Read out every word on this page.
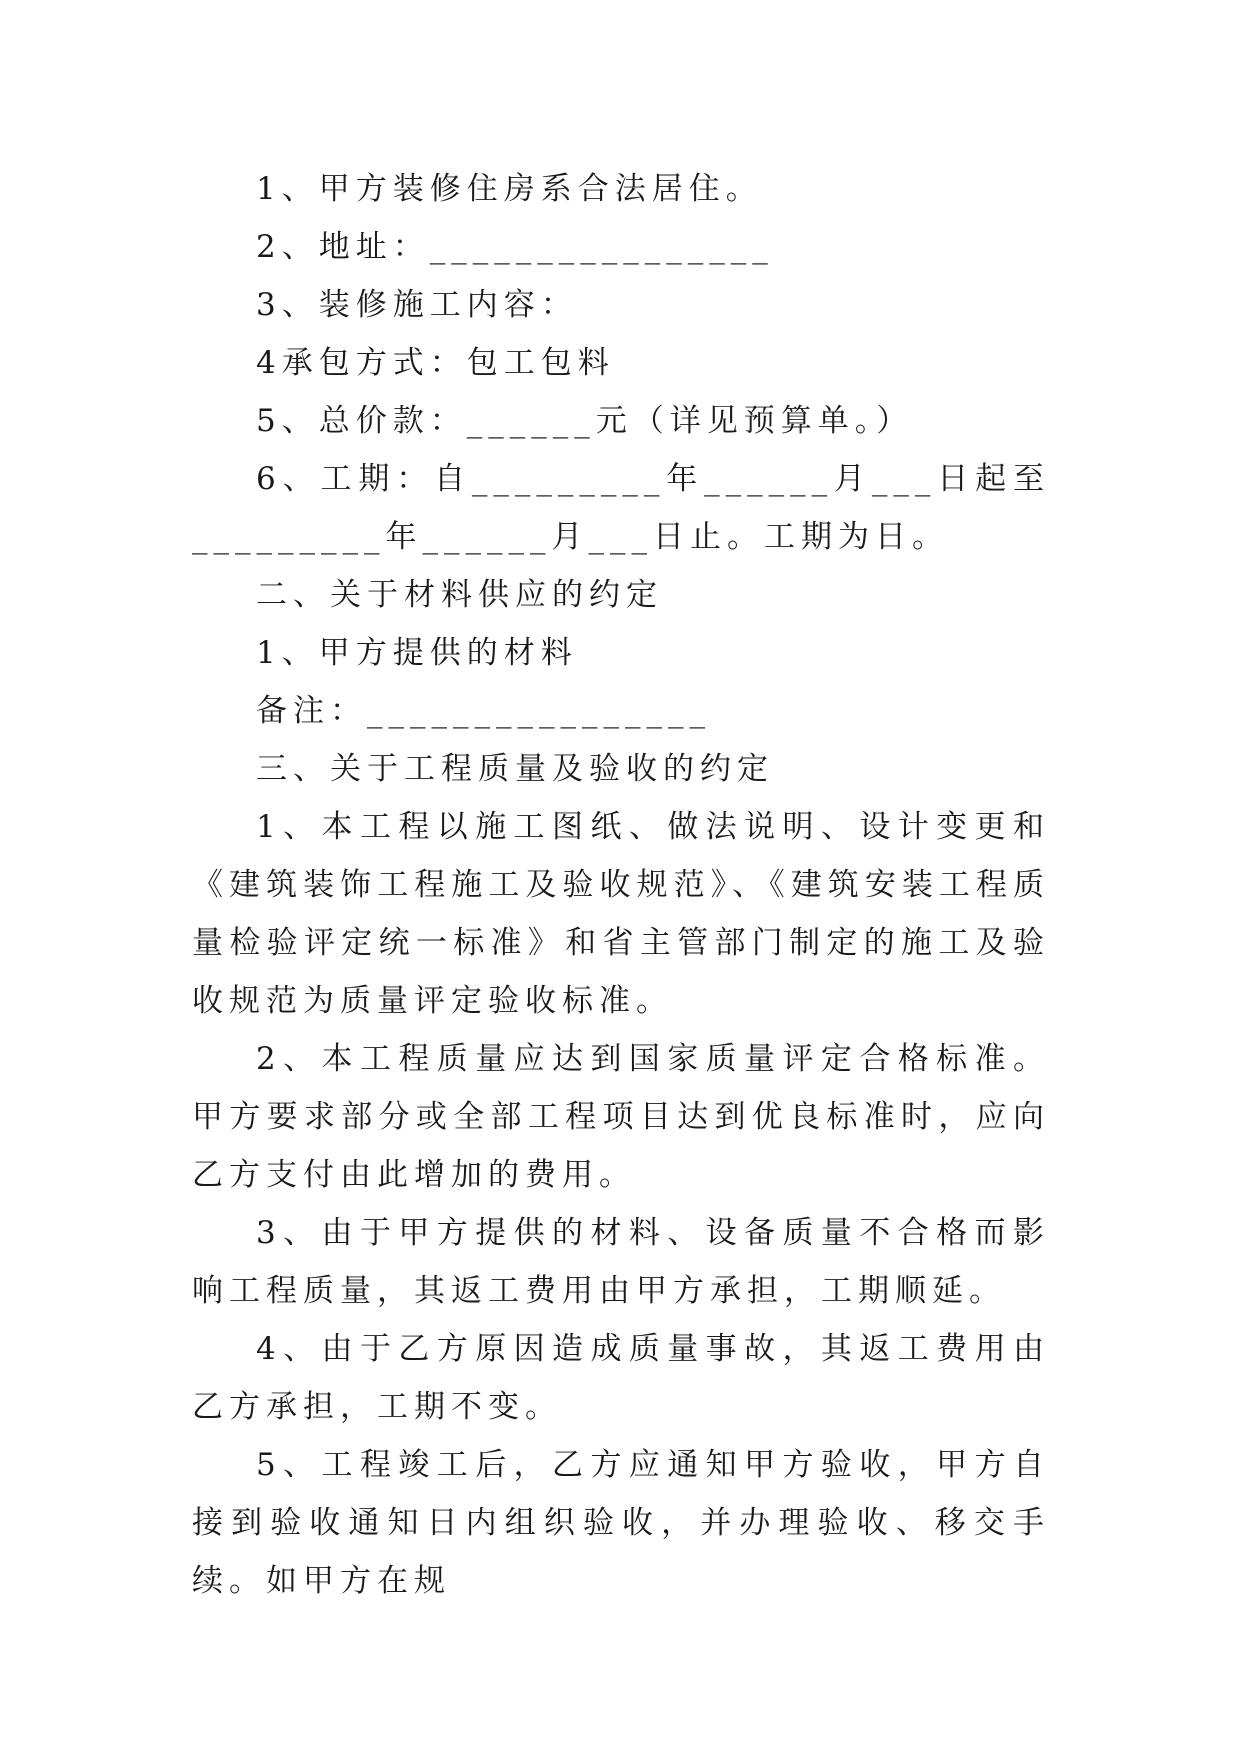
1、甲方装修住房系合法居住。

2、地址：________________

3、装修施工内容：

4承包方式：包工包料

5、总价款：______元（详见预算单。）

6、工期：自_________年______月___日起至_________年______月___日止。工期为日。

二、关于材料供应的约定

1、甲方提供的材料

备注：________________

三、关于工程质量及验收的约定

1、本工程以施工图纸、做法说明、设计变更和《建筑装饰工程施工及验收规范》、《建筑安装工程质量检验评定统一标准》和省主管部门制定的施工及验收规范为质量评定验收标准。

2、本工程质量应达到国家质量评定合格标准。甲方要求部分或全部工程项目达到优良标准时，应向乙方支付由此增加的费用。

3、由于甲方提供的材料、设备质量不合格而影响工程质量，其返工费用由甲方承担，工期顺延。

4、由于乙方原因造成质量事故，其返工费用由乙方承担，工期不变。

5、工程竣工后，乙方应通知甲方验收，甲方自接到验收通知日内组织验收，并办理验收、移交手续。如甲方在规
